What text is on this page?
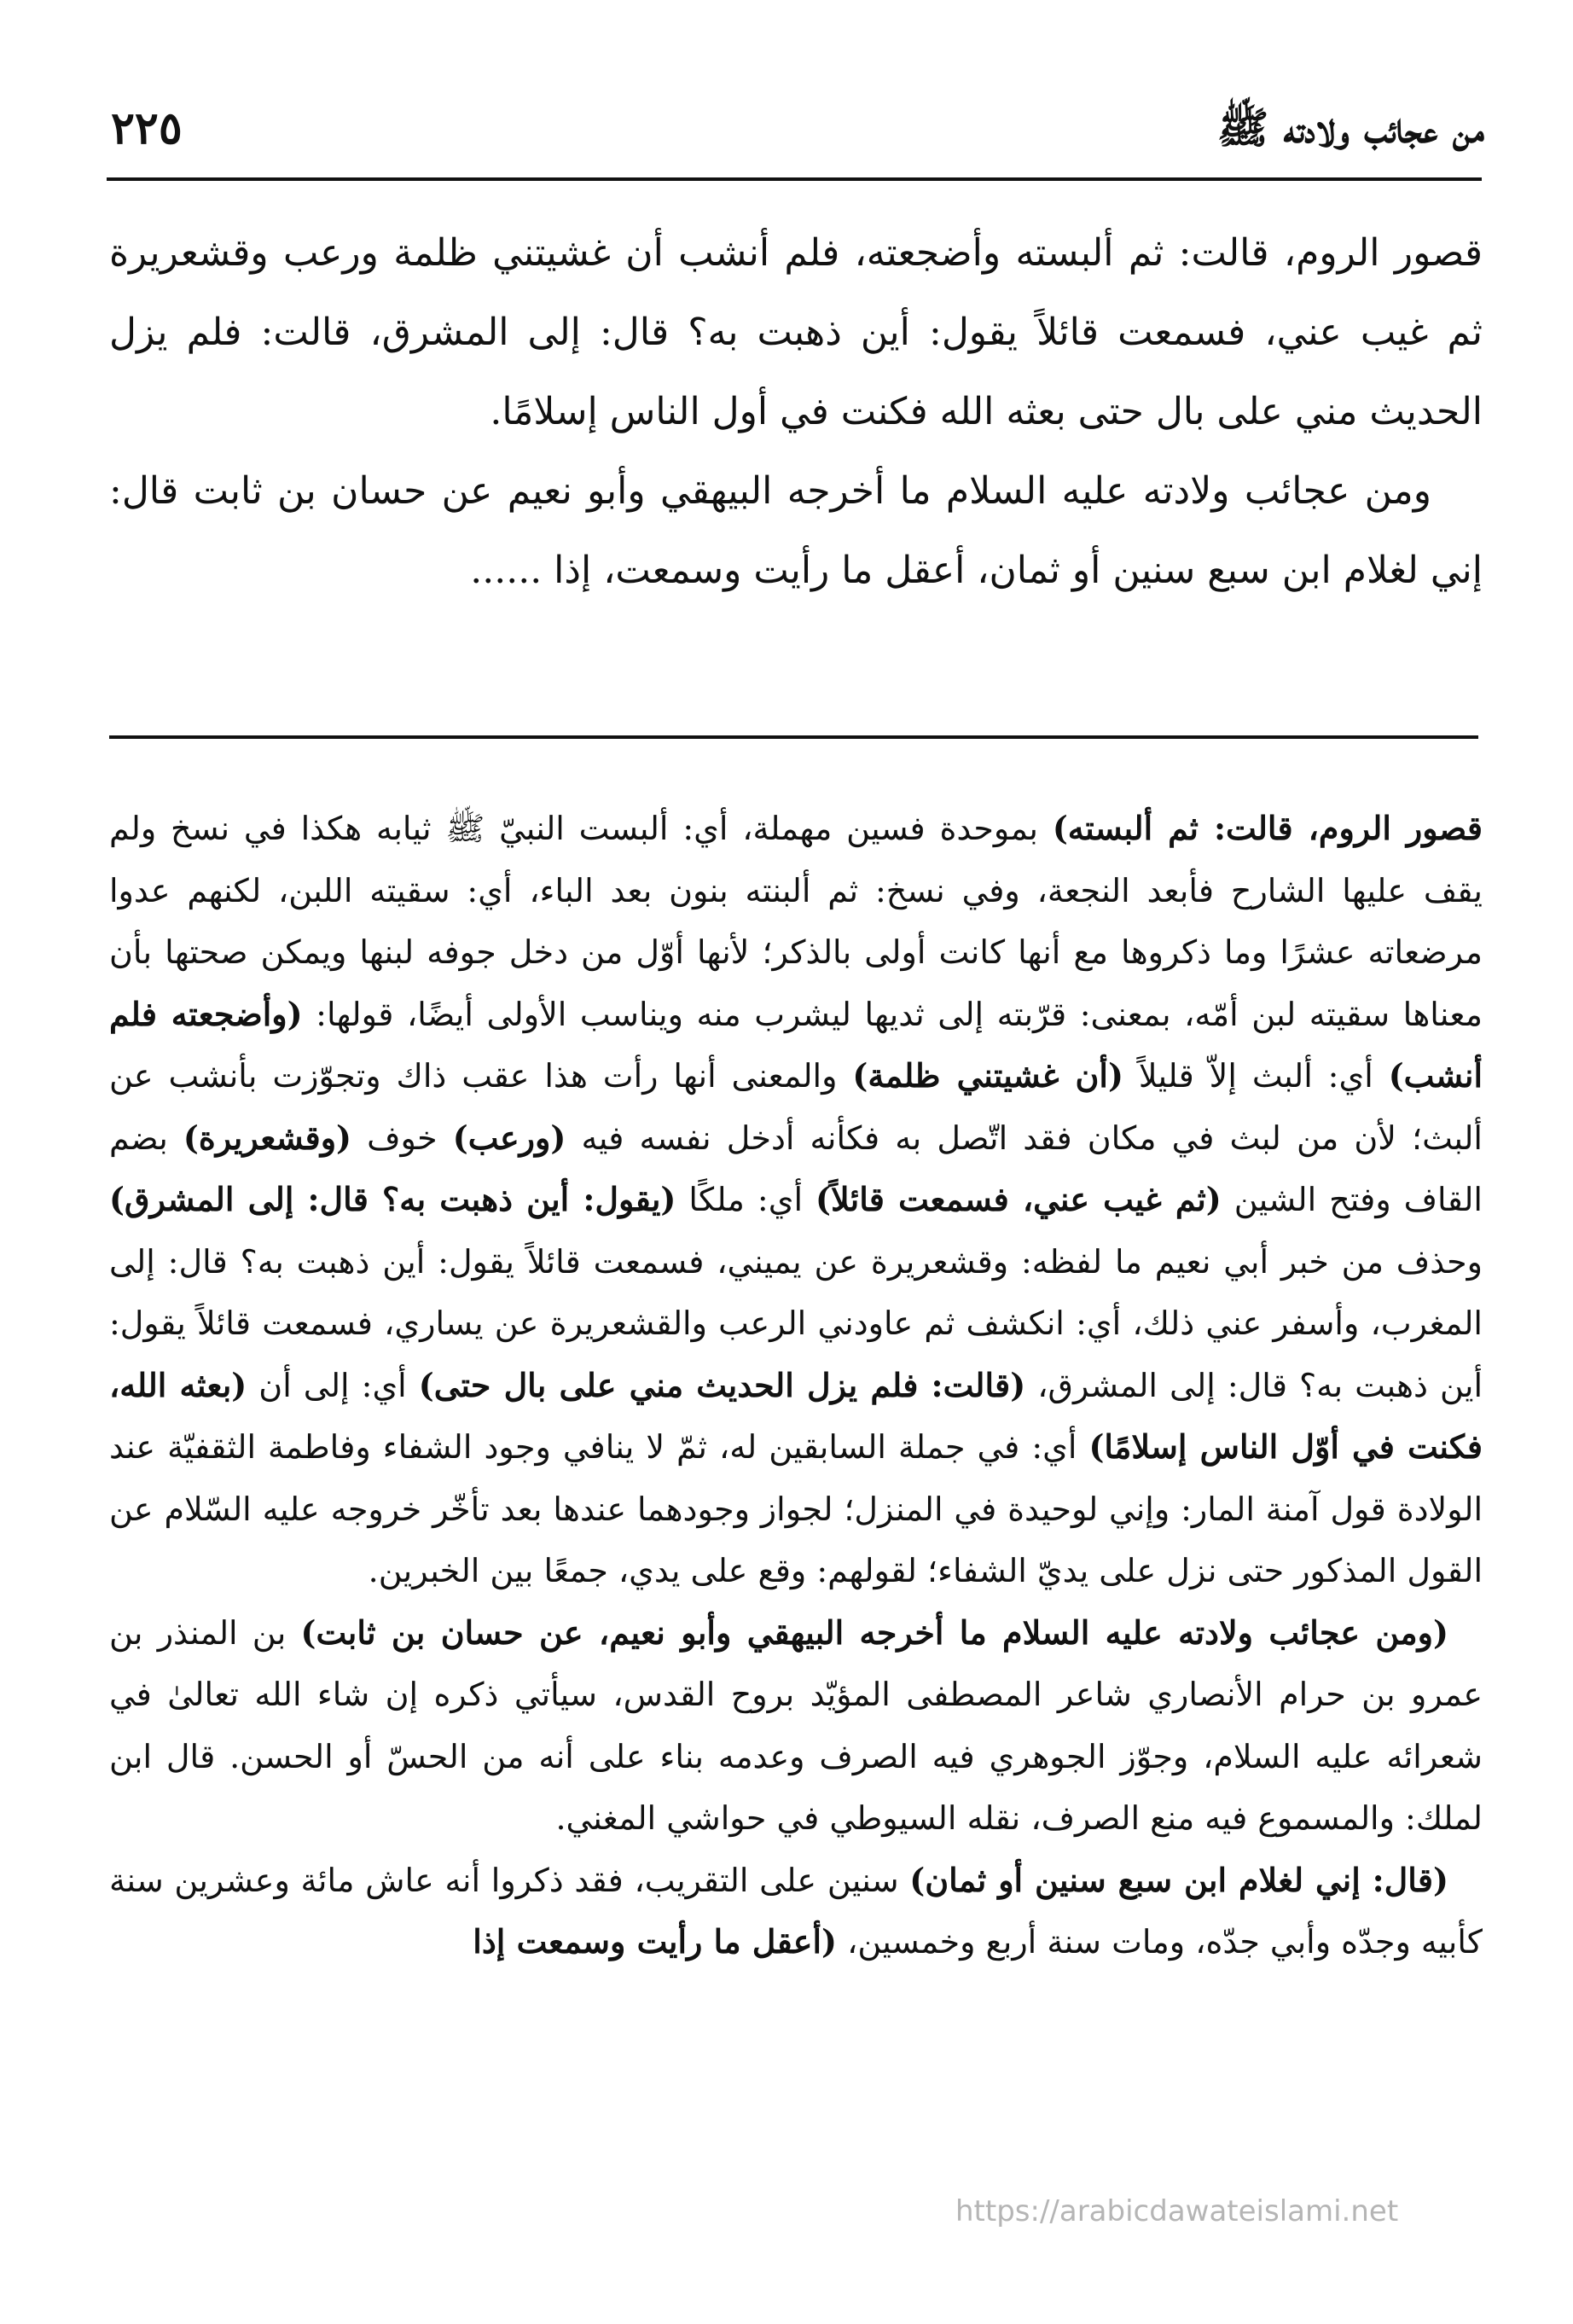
من عجائب ولادته ﷺ
٢٢٥

قصور الروم، قالت: ثم ألبسته وأضجعته، فلم أنشب أن غشيتني ظلمة ورعب وقشعريرة ثم غيب عني، فسمعت قائلاً يقول: أين ذهبت به؟ قال: إلى المشرق، قالت: فلم يزل الحديث مني على بال حتى بعثه الله فكنت في أول الناس إسلامًا.

ومن عجائب ولادته عليه السلام ما أخرجه البيهقي وأبو نعيم عن حسان بن ثابت قال: إني لغلام ابن سبع سنين أو ثمان، أعقل ما رأيت وسمعت، إذا ......

قصور الروم، قالت: ثم ألبسته) بموحدة فسين مهملة، أي: ألبست النبيّ ﷺ ثيابه هكذا في نسخ ولم يقف عليها الشارح فأبعد النجعة، وفي نسخ: ثم ألبنته بنون بعد الباء، أي: سقيته اللبن، لكنهم عدوا مرضعاته عشرًا وما ذكروها مع أنها كانت أولى بالذكر؛ لأنها أوّل من دخل جوفه لبنها ويمكن صحتها بأن معناها سقيته لبن أمّه، بمعنى: قرّبته إلى ثديها ليشرب منه ويناسب الأولى أيضًا، قولها: (وأضجعته فلم أنشب) أي: ألبث إلاّ قليلاً (أن غشيتني ظلمة) والمعنى أنها رأت هذا عقب ذاك وتجوّزت بأنشب عن ألبث؛ لأن من لبث في مكان فقد اتّصل به فكأنه أدخل نفسه فيه (ورعب) خوف (وقشعريرة) بضم القاف وفتح الشين (ثم غيب عني، فسمعت قائلاً) أي: ملكًا (يقول: أين ذهبت به؟ قال: إلى المشرق) وحذف من خبر أبي نعيم ما لفظه: وقشعريرة عن يميني، فسمعت قائلاً يقول: أين ذهبت به؟ قال: إلى المغرب، وأسفر عني ذلك، أي: انكشف ثم عاودني الرعب والقشعريرة عن يساري، فسمعت قائلاً يقول: أين ذهبت به؟ قال: إلى المشرق، (قالت: فلم يزل الحديث مني على بال حتى) أي: إلى أن (بعثه الله، فكنت في أوّل الناس إسلامًا) أي: في جملة السابقين له، ثمّ لا ينافي وجود الشفاء وفاطمة الثقفيّة عند الولادة قول آمنة المار: وإني لوحيدة في المنزل؛ لجواز وجودهما عندها بعد تأخّر خروجه عليه السّلام عن القول المذكور حتى نزل على يديّ الشفاء؛ لقولهم: وقع على يدي، جمعًا بين الخبرين.

(ومن عجائب ولادته عليه السلام ما أخرجه البيهقي وأبو نعيم، عن حسان بن ثابت) بن المنذر بن عمرو بن حرام الأنصاري شاعر المصطفى المؤيّد بروح القدس، سيأتي ذكره إن شاء الله تعالىٰ في شعرائه عليه السلام، وجوّز الجوهري فيه الصرف وعدمه بناء على أنه من الحسّ أو الحسن. قال ابن لملك: والمسموع فيه منع الصرف، نقله السيوطي في حواشي المغني.

(قال: إني لغلام ابن سبع سنين أو ثمان) سنين على التقريب، فقد ذكروا أنه عاش مائة وعشرين سنة كأبيه وجدّه وأبي جدّه، ومات سنة أربع وخمسين، (أعقل ما رأيت وسمعت إذا

https://arabicdawateislami.net
